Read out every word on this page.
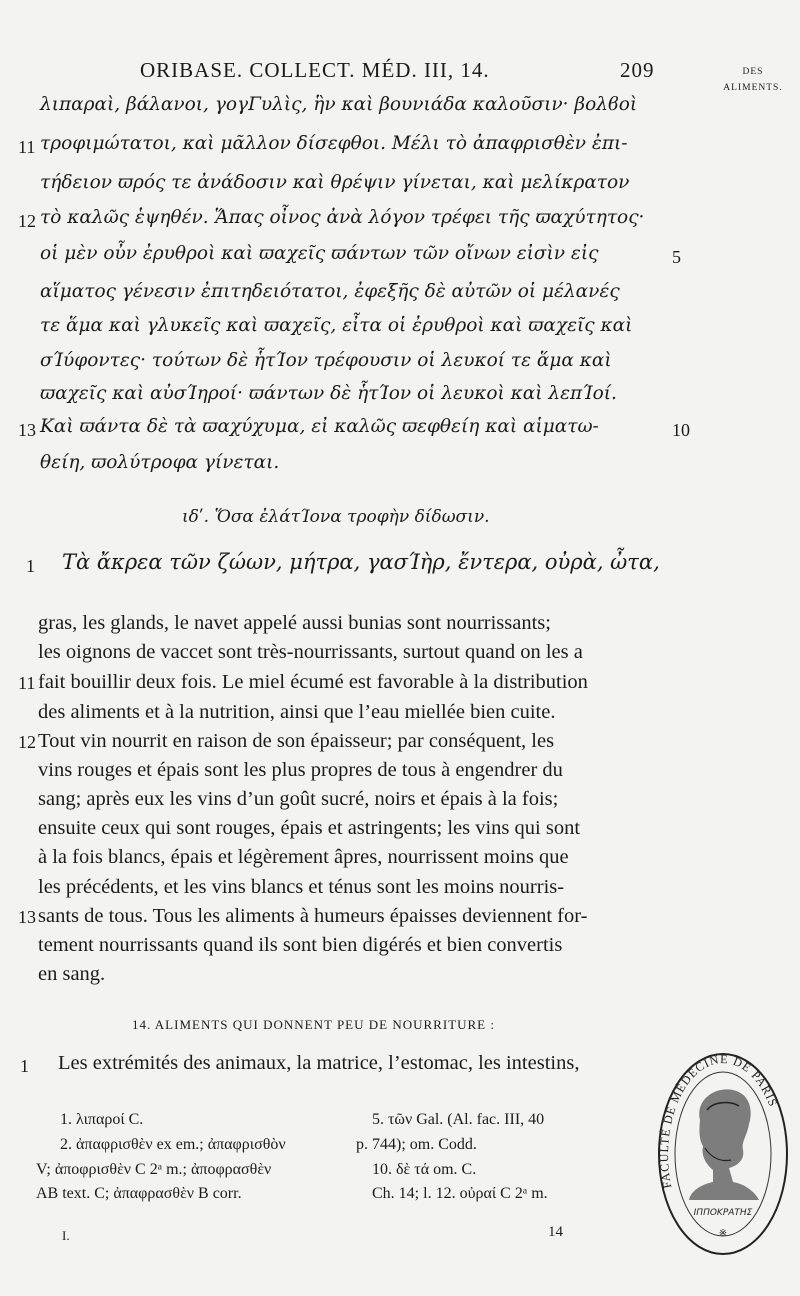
ORIBASE. COLLECT. MÉD. III, 14.	209	DES
ALIMENTS.
λιπαραὶ, βάλανοι, γογΓυλὶς, ἣν καὶ βουνιάδα καλοῦσιν· βολϐοὶ
11 τροφιμώτατοι, καὶ μᾶλλον δίσεφθοι. Μέλι τὸ ἀπαφρισθὲν ἐπι-
τήδειον ϖρός τε ἀνάδοσιν καὶ θρέψιν γίνεται, καὶ μελίκρατον
12 τὸ καλῶς ἑψηθέν. Ἅπας οἶνος ἀνὰ λόγον τρέφει τῆς ϖαχύτητος·
οἱ μὲν οὖν ἐρυθροὶ καὶ ϖαχεῖς ϖάντων τῶν οἴνων εἰσὶν εἰς	5
αἵματος γένεσιν ἐπιτηδειότατοι, ἐφεξῆς δὲ αὐτῶν οἱ μέλανές
τε ἅμα καὶ γλυκεῖς καὶ ϖαχεῖς, εἶτα οἱ ἐρυθροὶ καὶ ϖαχεῖς καὶ
σΊύφοντες· τούτων δὲ ἧτΊον τρέφουσιν οἱ λευκοί τε ἅμα καὶ
ϖαχεῖς καὶ αὐσΊηροί· ϖάντων δὲ ἧτΊον οἱ λευκοὶ καὶ λεπΊοί.
13 Καὶ ϖάντα δὲ τὰ ϖαχύχυμα, εἰ καλῶς ϖεφθείη καὶ αἱματω-	10
θείη, ϖολύτροφα γίνεται.
ιδʹ. Ὅσα ἐλάτΊονα τροφὴν δίδωσιν.
1 Τὰ ἄκρεα τῶν ζώων, μήτρα, γασΊὴρ, ἔντερα, οὐρὰ, ὦτα,
gras, les glands, le navet appelé aussi bunias sont nourrissants;
les oignons de vaccet sont très-nourrissants, surtout quand on les a
11 fait bouillir deux fois. Le miel écumé est favorable à la distribution
des aliments et à la nutrition, ainsi que l’eau miellée bien cuite.
12 Tout vin nourrit en raison de son épaisseur; par conséquent, les
vins rouges et épais sont les plus propres de tous à engendrer du
sang; après eux les vins d’un goût sucré, noirs et épais à la fois;
ensuite ceux qui sont rouges, épais et astringents; les vins qui sont
à la fois blancs, épais et légèrement âpres, nourrissent moins que
les précédents, et les vins blancs et ténus sont les moins nourris-
13 sants de tous. Tous les aliments à humeurs épaisses deviennent for-
tement nourrissants quand ils sont bien digérés et bien convertis
en sang.
14. ALIMENTS QUI DONNENT PEU DE NOURRITURE :
1 Les extrémités des animaux, la matrice, l’estomac, les intestins,
1. λιπαροί C.
2. ἀπαφρισθὲν ex em.; ἀπαφρισθὸν
V; ἀποφρισθὲν C 2ᵃ m.; ἀποφρασθὲν
AB text. C; ἀπαφρασθὲν B corr.
5. τῶν Gal. (Al. fac. III, 40
p. 744); om. Codd.
10. δὲ τά om. C.
Ch. 14; l. 12. οὐραί C 2ᵃ m.
I.	14
FACULTÉ DE MÉDECINE DE PARIS
ΙΠΠΟΚΡΑΤΗΣ
※
